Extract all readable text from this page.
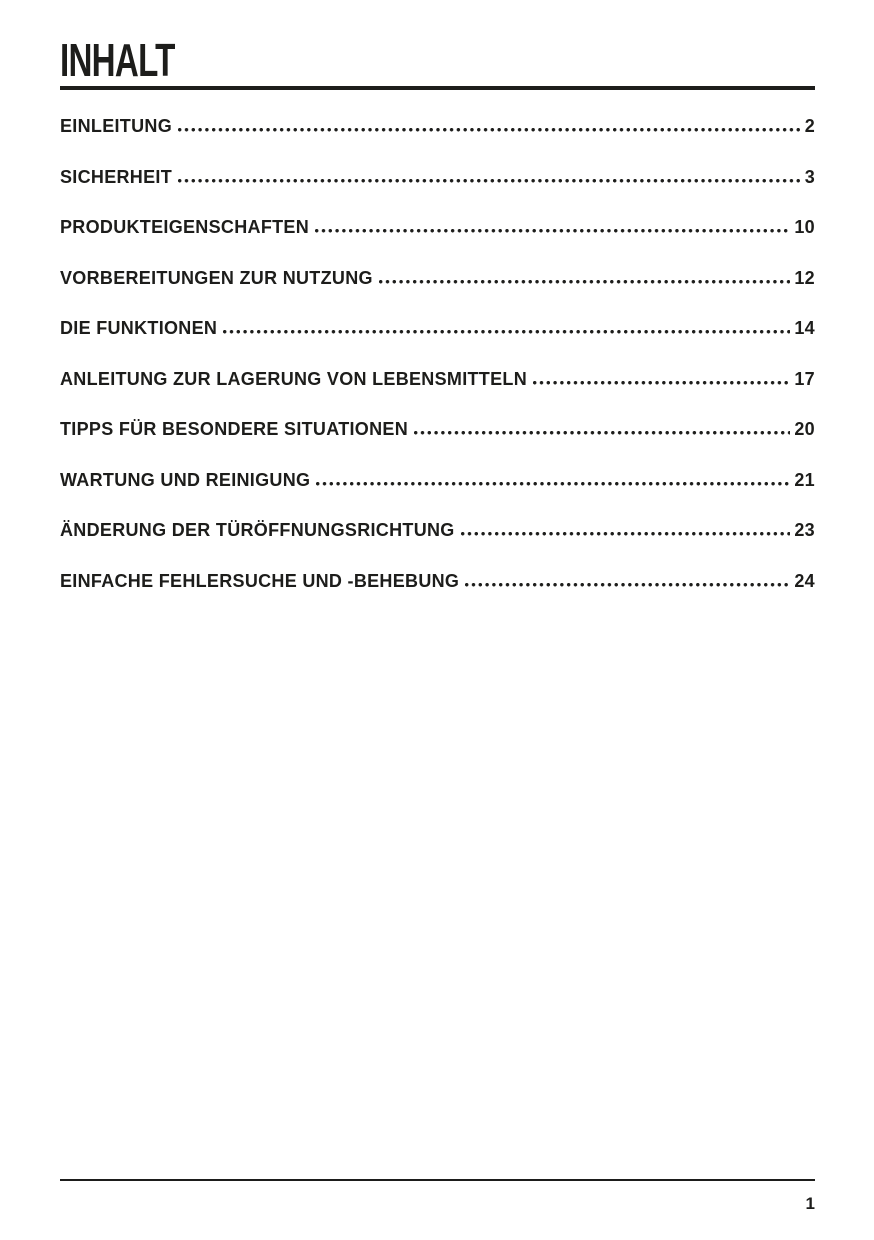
INHALT
EINLEITUNG	2
SICHERHEIT	3
PRODUKTEIGENSCHAFTEN	10
VORBEREITUNGEN ZUR NUTZUNG	12
DIE FUNKTIONEN	14
ANLEITUNG ZUR LAGERUNG VON LEBENSMITTELN	17
TIPPS FÜR BESONDERE SITUATIONEN	20
WARTUNG UND REINIGUNG	21
ÄNDERUNG DER TÜRÖFFNUNGSRICHTUNG	23
EINFACHE FEHLERSUCHE UND -BEHEBUNG	24
1
